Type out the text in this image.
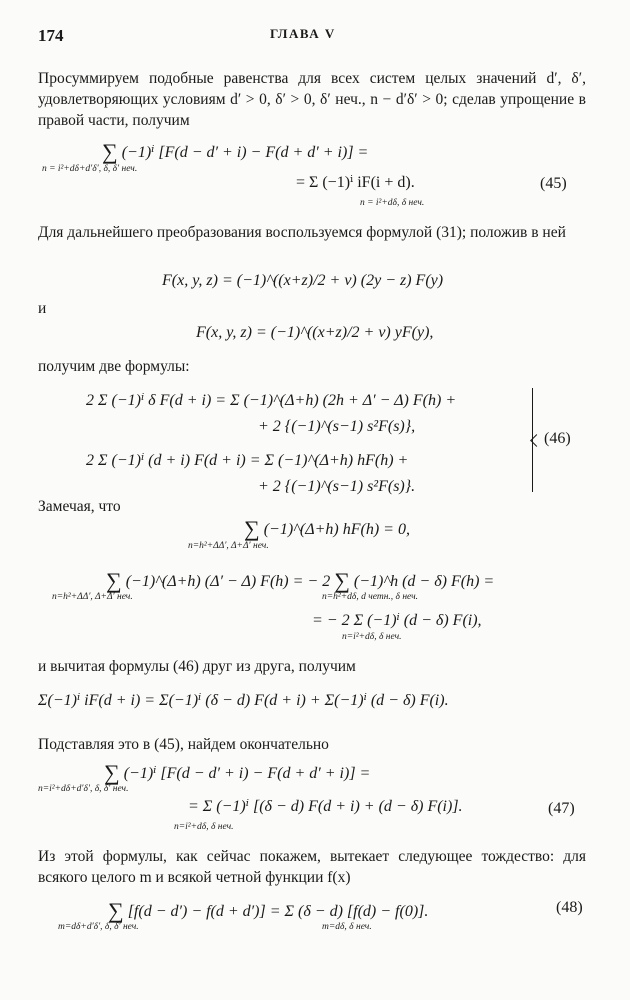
174	ГЛАВА V
Просуммируем подобные равенства для всех систем целых значений d′, δ′, удовлетворяющих условиям d′ > 0, δ′ > 0, δ′ неч., n − d′δ′ > 0; сделав упрощение в правой части, получим
∑ (−1)ⁱ [F(d − d′ + i) − F(d + d′ + i)] =
n = i²+dδ+d′δ′, δ, δ′ неч.
= Σ (−1)ⁱ iF(i + d).
n = i²+dδ, δ неч.
(45)
Для дальнейшего преобразования воспользуемся формулой (31); положив в ней
F(x, y, z) = (−1)^((x+z)/2 + v) (2y − z) F(y)
и
F(x, y, z) = (−1)^((x+z)/2 + v) yF(y),
получим две формулы:
2 Σ (−1)ⁱ δ F(d + i) = Σ (−1)^(Δ+h) (2h + Δ′ − Δ) F(h) +
+ 2 {(−1)^(s−1) s²F(s)},
2 Σ (−1)ⁱ (d + i) F(d + i) = Σ (−1)^(Δ+h) hF(h) +
+ 2 {(−1)^(s−1) s²F(s)}.
(46)
Замечая, что
∑ (−1)^(Δ+h) hF(h) = 0,
n=h²+ΔΔ′, Δ+Δ′ неч.
∑ (−1)^(Δ+h) (Δ′ − Δ) F(h) = − 2 ∑ (−1)^h (d − δ) F(h) =
n=h²+ΔΔ′, Δ+Δ′ неч.	n=h²+dδ, d четн., δ неч.
= − 2 Σ (−1)ⁱ (d − δ) F(i),
n=i²+dδ, δ неч.
и вычитая формулы (46) друг из друга, получим
Σ(−1)ⁱ iF(d + i) = Σ(−1)ⁱ (δ − d) F(d + i) + Σ(−1)ⁱ (d − δ) F(i).
Подставляя это в (45), найдем окончательно
∑ (−1)ⁱ [F(d − d′ + i) − F(d + d′ + i)] =
n=i²+dδ+d′δ′, δ, δ′ неч.
= Σ (−1)ⁱ [(δ − d) F(d + i) + (d − δ) F(i)].
n=i²+dδ, δ неч.
(47)
Из этой формулы, как сейчас покажем, вытекает следующее тождество: для всякого целого m и всякой четной функции f(x)
∑ [f(d − d′) − f(d + d′)] = Σ (δ − d) [f(d) − f(0)].
m=dδ+d′δ′, δ, δ′ неч.	m=dδ, δ неч.
(48)
